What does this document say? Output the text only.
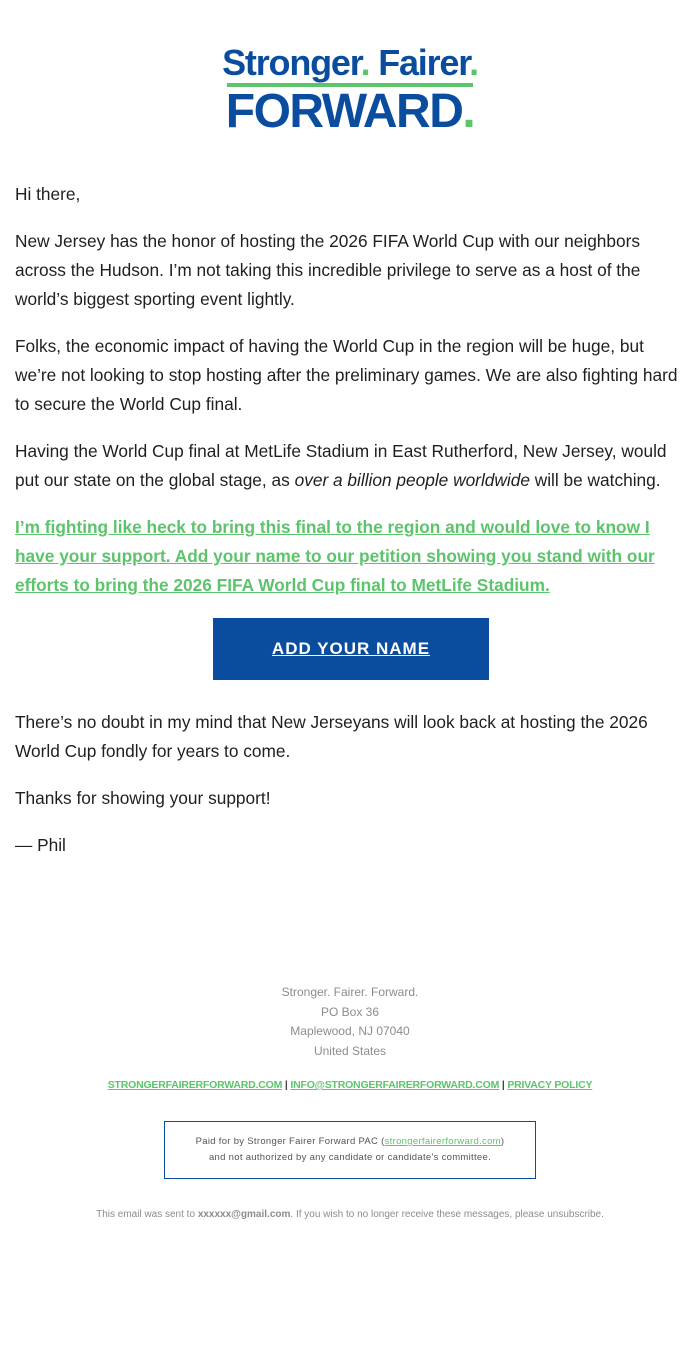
Stronger. Fairer.
FORWARD.

Hi there,

New Jersey has the honor of hosting the 2026 FIFA World Cup with our neighbors across the Hudson. I’m not taking this incredible privilege to serve as a host of the world’s biggest sporting event lightly.

Folks, the economic impact of having the World Cup in the region will be huge, but we’re not looking to stop hosting after the preliminary games. We are also fighting hard to secure the World Cup final.

Having the World Cup final at MetLife Stadium in East Rutherford, New Jersey, would put our state on the global stage, as over a billion people worldwide will be watching.

I’m fighting like heck to bring this final to the region and would love to know I have your support. Add your name to our petition showing you stand with our efforts to bring the 2026 FIFA World Cup final to MetLife Stadium.
ADD YOUR NAME

There’s no doubt in my mind that New Jerseyans will look back at hosting the 2026 World Cup fondly for years to come.

Thanks for showing your support!

— Phil

Stronger. Fairer. Forward.
PO Box 36
Maplewood, NJ 07040
United States
STRONGERFAIRERFORWARD.COM | INFO@STRONGERFAIRERFORWARD.COM | PRIVACY POLICY
Paid for by Stronger Fairer Forward PAC (strongerfairerforward.com)
and not authorized by any candidate or candidate's committee.
This email was sent to xxxxxx@gmail.com. If you wish to no longer receive these messages, please unsubscribe.
